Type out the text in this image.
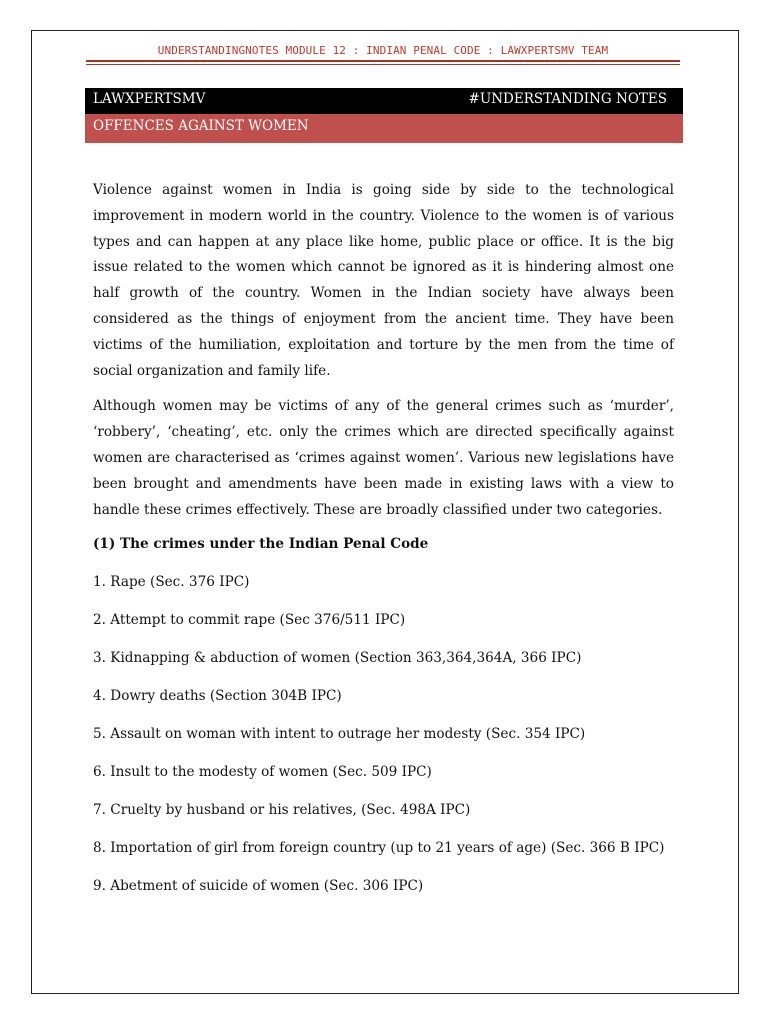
UNDERSTANDINGNOTES MODULE 12 : INDIAN PENAL CODE : LAWXPERTSMV TEAM
LAWXPERTSMV	#UNDERSTANDING NOTES
OFFENCES AGAINST WOMEN

Violence against women in India is going side by side to the technological improvement in modern world in the country. Violence to the women is of various types and can happen at any place like home, public place or office. It is the big issue related to the women which cannot be ignored as it is hindering almost one half growth of the country. Women in the Indian society have always been considered as the things of enjoyment from the ancient time. They have been victims of the humiliation, exploitation and torture by the men from the time of social organization and family life.

Although women may be victims of any of the general crimes such as ‘murder’, ‘robbery’, ‘cheating’, etc. only the crimes which are directed specifically against women are characterised as ‘crimes against women’. Various new legislations have been brought and amendments have been made in existing laws with a view to handle these crimes effectively. These are broadly classified under two categories.

(1) The crimes under the Indian Penal Code

1. Rape (Sec. 376 IPC)

2. Attempt to commit rape (Sec 376/511 IPC)

3. Kidnapping & abduction of women (Section 363,364,364A, 366 IPC)

4. Dowry deaths (Section 304B IPC)

5. Assault on woman with intent to outrage her modesty (Sec. 354 IPC)

6. Insult to the modesty of women (Sec. 509 IPC)

7. Cruelty by husband or his relatives, (Sec. 498A IPC)

8. Importation of girl from foreign country (up to 21 years of age) (Sec. 366 B IPC)

9. Abetment of suicide of women (Sec. 306 IPC)
